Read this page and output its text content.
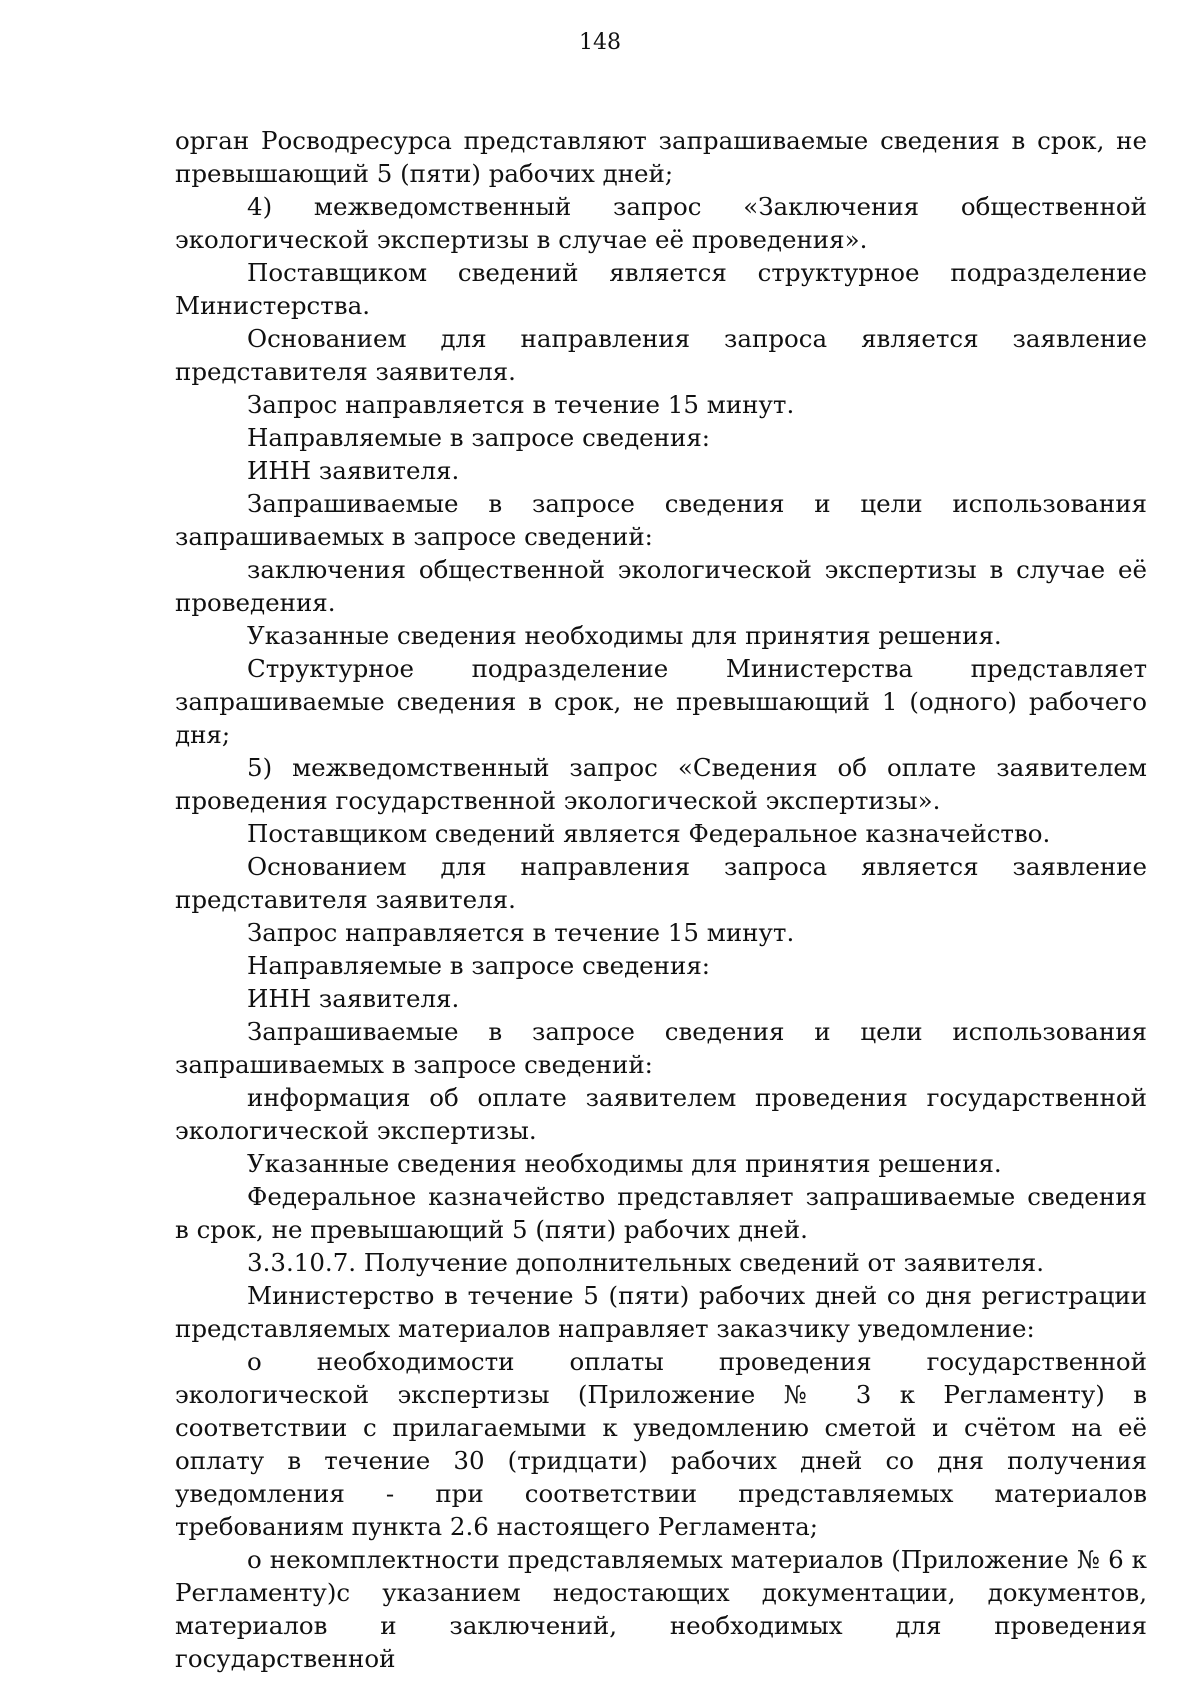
148

орган Росводресурса представляют запрашиваемые сведения в срок, не превышающий 5 (пяти) рабочих дней;

4) межведомственный запрос «Заключения общественной экологической экспертизы в случае её проведения».

Поставщиком сведений является структурное подразделение Министерства.

Основанием для направления запроса является заявление представителя заявителя.

Запрос направляется в течение 15 минут.

Направляемые в запросе сведения:

ИНН заявителя.

Запрашиваемые в запросе сведения и цели использования запрашиваемых в запросе сведений:

заключения общественной экологической экспертизы в случае её проведения.

Указанные сведения необходимы для принятия решения.

Структурное подразделение Министерства представляет запрашиваемые сведения в срок, не превышающий 1 (одного) рабочего дня;

5) межведомственный запрос «Сведения об оплате заявителем проведения государственной экологической экспертизы».

Поставщиком сведений является Федеральное казначейство.

Основанием для направления запроса является заявление представителя заявителя.

Запрос направляется в течение 15 минут.

Направляемые в запросе сведения:

ИНН заявителя.

Запрашиваемые в запросе сведения и цели использования запрашиваемых в запросе сведений:

информация об оплате заявителем проведения государственной экологической экспертизы.

Указанные сведения необходимы для принятия решения.

Федеральное казначейство представляет запрашиваемые сведения в срок, не превышающий 5 (пяти) рабочих дней.

3.3.10.7. Получение дополнительных сведений от заявителя.

Министерство в течение 5 (пяти) рабочих дней со дня регистрации представляемых материалов направляет заказчику уведомление:

о необходимости оплаты проведения государственной экологической экспертизы (Приложение № 3 к Регламенту) в соответствии с прилагаемыми к уведомлению сметой и счётом на её оплату в течение 30 (тридцати) рабочих дней со дня получения уведомления - при соответствии представляемых материалов требованиям пункта 2.6 настоящего Регламента;

о некомплектности представляемых материалов (Приложение № 6 к Регламенту)с указанием недостающих документации, документов, материалов и заключений, необходимых для проведения государственной
